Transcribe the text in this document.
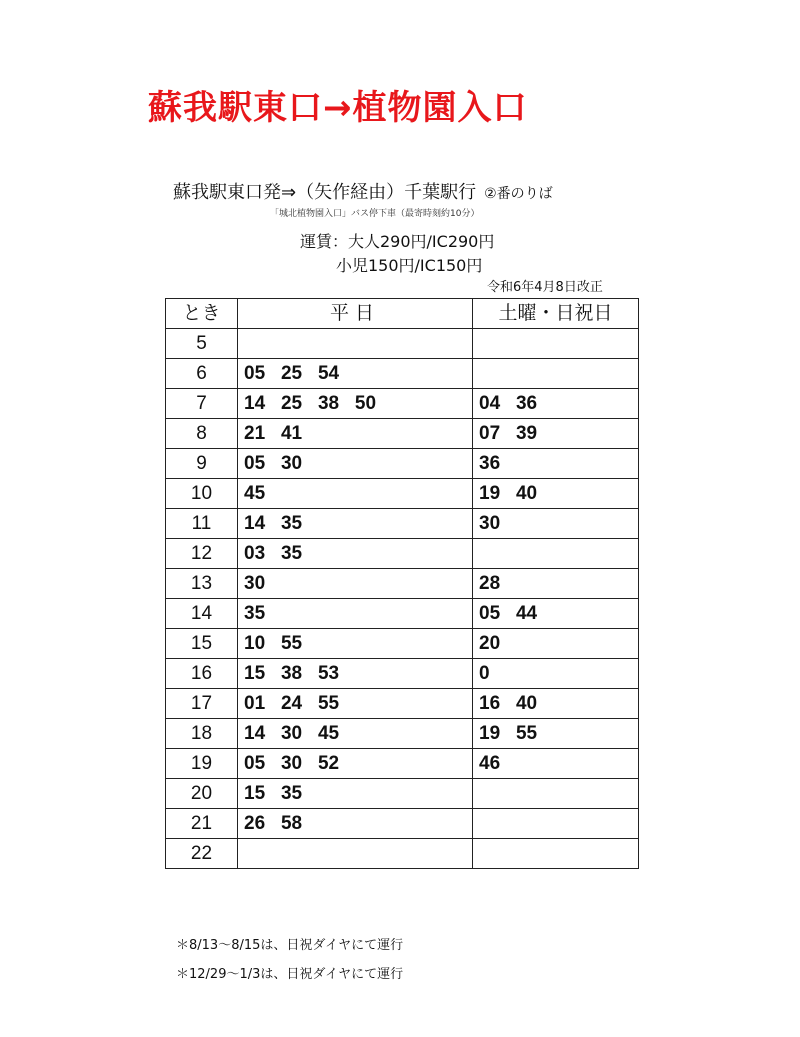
蘇我駅東口→植物園入口
蘇我駅東口発⇒（矢作経由）千葉駅行 ②番のりば
「城北植物園入口」バス停下車（最寄時刻約10分）
運賃：大人290円/IC290円
小児150円/IC150円
令和6年4月8日改正
とき	平日	土曜・日祝日
5		
6	05   25   54	
7	14   25   38   50	04   36
8	21   41	07   39
9	05   30	36
10	45	19   40
11	14   35	30
12	03   35	
13	30	28
14	35	05   44
15	10   55	20
16	15   38   53	0
17	01   24   55	16   40
18	14   30   45	19   55
19	05   30   52	46
20	15   35	
21	26   58	
22		
＊8/13～8/15は、日祝ダイヤにて運行
＊12/29～1/3は、日祝ダイヤにて運行
